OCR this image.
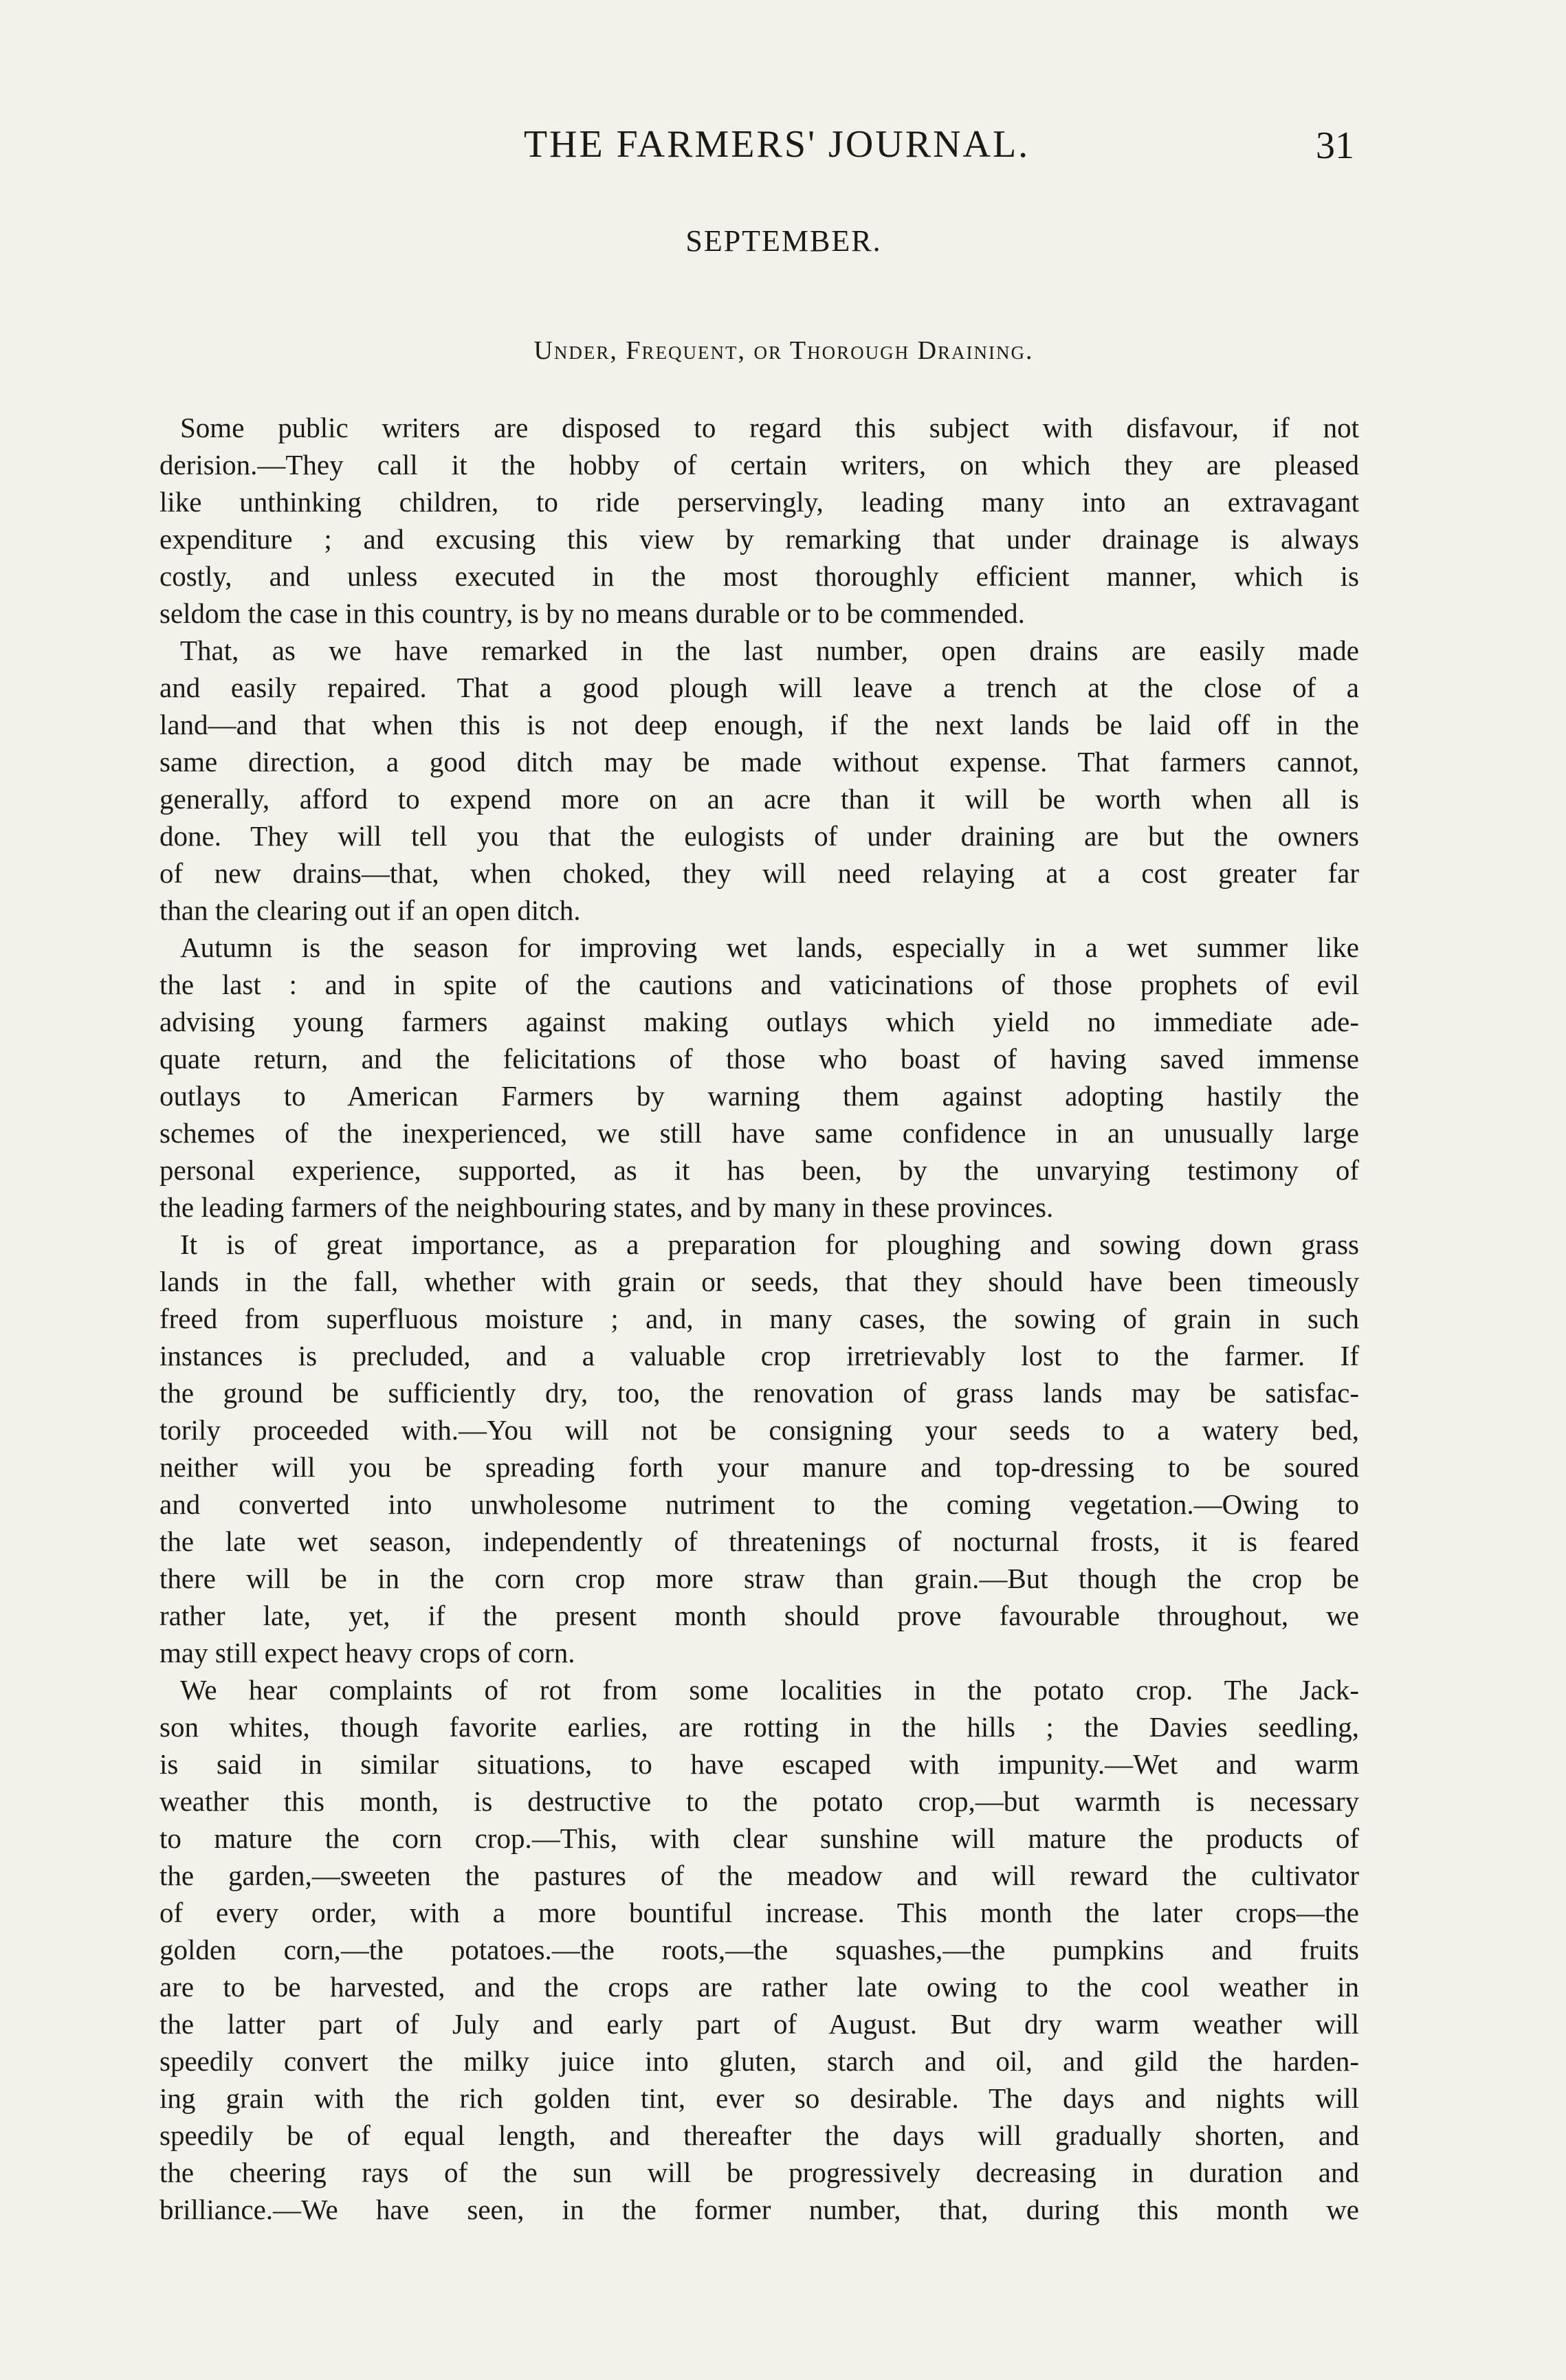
THE FARMERS' JOURNAL.	31
SEPTEMBER.
Under, Frequent, or Thorough Draining.
Some public writers are disposed to regard this subject with disfavour, if not
derision.—They call it the hobby of certain writers, on which they are pleased
like unthinking children, to ride perservingly, leading many into an extravagant
expenditure ; and excusing this view by remarking that under drainage is always
costly, and unless executed in the most thoroughly efficient manner, which is
seldom the case in this country, is by no means durable or to be commended.
That, as we have remarked in the last number, open drains are easily made
and easily repaired. That a good plough will leave a trench at the close of a
land—and that when this is not deep enough, if the next lands be laid off in the
same direction, a good ditch may be made without expense. That farmers cannot,
generally, afford to expend more on an acre than it will be worth when all is
done. They will tell you that the eulogists of under draining are but the owners
of new drains—that, when choked, they will need relaying at a cost greater far
than the clearing out if an open ditch.
Autumn is the season for improving wet lands, especially in a wet summer like
the last : and in spite of the cautions and vaticinations of those prophets of evil
advising young farmers against making outlays which yield no immediate ade-
quate return, and the felicitations of those who boast of having saved immense
outlays to American Farmers by warning them against adopting hastily the
schemes of the inexperienced, we still have same confidence in an unusually large
personal experience, supported, as it has been, by the unvarying testimony of
the leading farmers of the neighbouring states, and by many in these provinces.
It is of great importance, as a preparation for ploughing and sowing down grass
lands in the fall, whether with grain or seeds, that they should have been timeously
freed from superfluous moisture ; and, in many cases, the sowing of grain in such
instances is precluded, and a valuable crop irretrievably lost to the farmer. If
the ground be sufficiently dry, too, the renovation of grass lands may be satisfac-
torily proceeded with.—You will not be consigning your seeds to a watery bed,
neither will you be spreading forth your manure and top-dressing to be soured
and converted into unwholesome nutriment to the coming vegetation.—Owing to
the late wet season, independently of threatenings of nocturnal frosts, it is feared
there will be in the corn crop more straw than grain.—But though the crop be
rather late, yet, if the present month should prove favourable throughout, we
may still expect heavy crops of corn.
We hear complaints of rot from some localities in the potato crop. The Jack-
son whites, though favorite earlies, are rotting in the hills ; the Davies seedling,
is said in similar situations, to have escaped with impunity.—Wet and warm
weather this month, is destructive to the potato crop,—but warmth is necessary
to mature the corn crop.—This, with clear sunshine will mature the products of
the garden,—sweeten the pastures of the meadow and will reward the cultivator
of every order, with a more bountiful increase. This month the later crops—the
golden corn,—the potatoes.—the roots,—the squashes,—the pumpkins and fruits
are to be harvested, and the crops are rather late owing to the cool weather in
the latter part of July and early part of August. But dry warm weather will
speedily convert the milky juice into gluten, starch and oil, and gild the harden-
ing grain with the rich golden tint, ever so desirable. The days and nights will
speedily be of equal length, and thereafter the days will gradually shorten, and
the cheering rays of the sun will be progressively decreasing in duration and
brilliance.—We have seen, in the former number, that, during this month we
